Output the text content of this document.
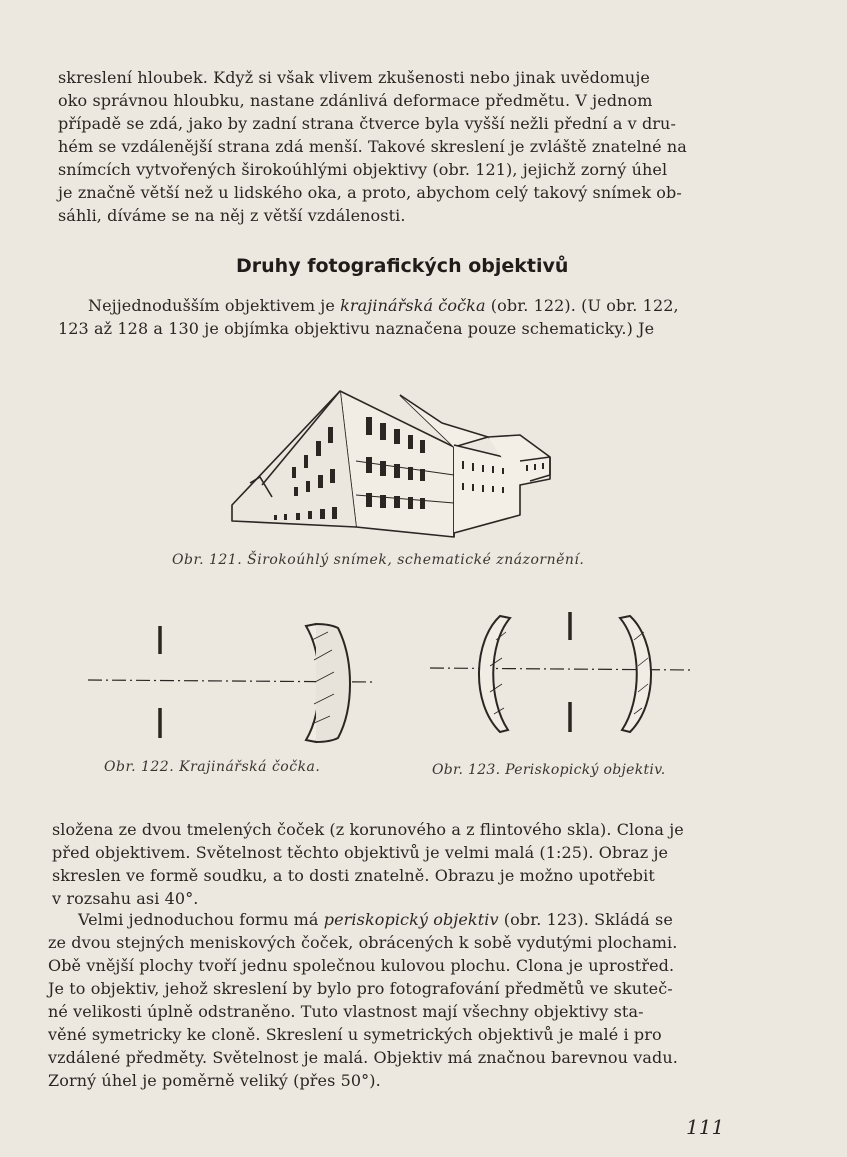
skreslení hloubek. Když si však vlivem zkušenosti nebo jinak uvědomuje
oko správnou hloubku, nastane zdánlivá deformace předmětu. V jednom
případě se zdá, jako by zadní strana čtverce byla vyšší nežli přední a v dru-
hém se vzdálenější strana zdá menší. Takové skreslení je zvláště znatelné na
snímcích vytvořených širokoúhlými objektivy (obr. 121), jejichž zorný úhel
je značně větší než u lidského oka, a proto, abychom celý takový snímek ob-
sáhli, díváme se na něj z větší vzdálenosti.

Druhy fotografických objektivů

Nejjednodušším objektivem je krajinářská čočka (obr. 122). (U obr. 122,
123 až 128 a 130 je objímka objektivu naznačena pouze schematicky.) Je

Obr. 121. Širokoúhlý snímek, schematické znázornění.

Obr. 122. Krajinářská čočka.	Obr. 123. Periskopický objektiv.

složena ze dvou tmelených čoček (z korunového a z flintového skla). Clona je
před objektivem. Světelnost těchto objektivů je velmi malá (1:25). Obraz je
skreslen ve formě soudku, a to dosti znatelně. Obrazu je možno upotřebit
v rozsahu asi 40°.

Velmi jednoduchou formu má periskopický objektiv (obr. 123). Skládá se
ze dvou stejných meniskových čoček, obrácených k sobě vydutými plochami.
Obě vnější plochy tvoří jednu společnou kulovou plochu. Clona je uprostřed.
Je to objektiv, jehož skreslení by bylo pro fotografování předmětů ve skuteč-
né velikosti úplně odstraněno. Tuto vlastnost mají všechny objektivy sta-
věné symetricky ke cloně. Skreslení u symetrických objektivů je malé i pro
vzdálené předměty. Světelnost je malá. Objektiv má značnou barevnou vadu.
Zorný úhel je poměrně veliký (přes 50°).

111
